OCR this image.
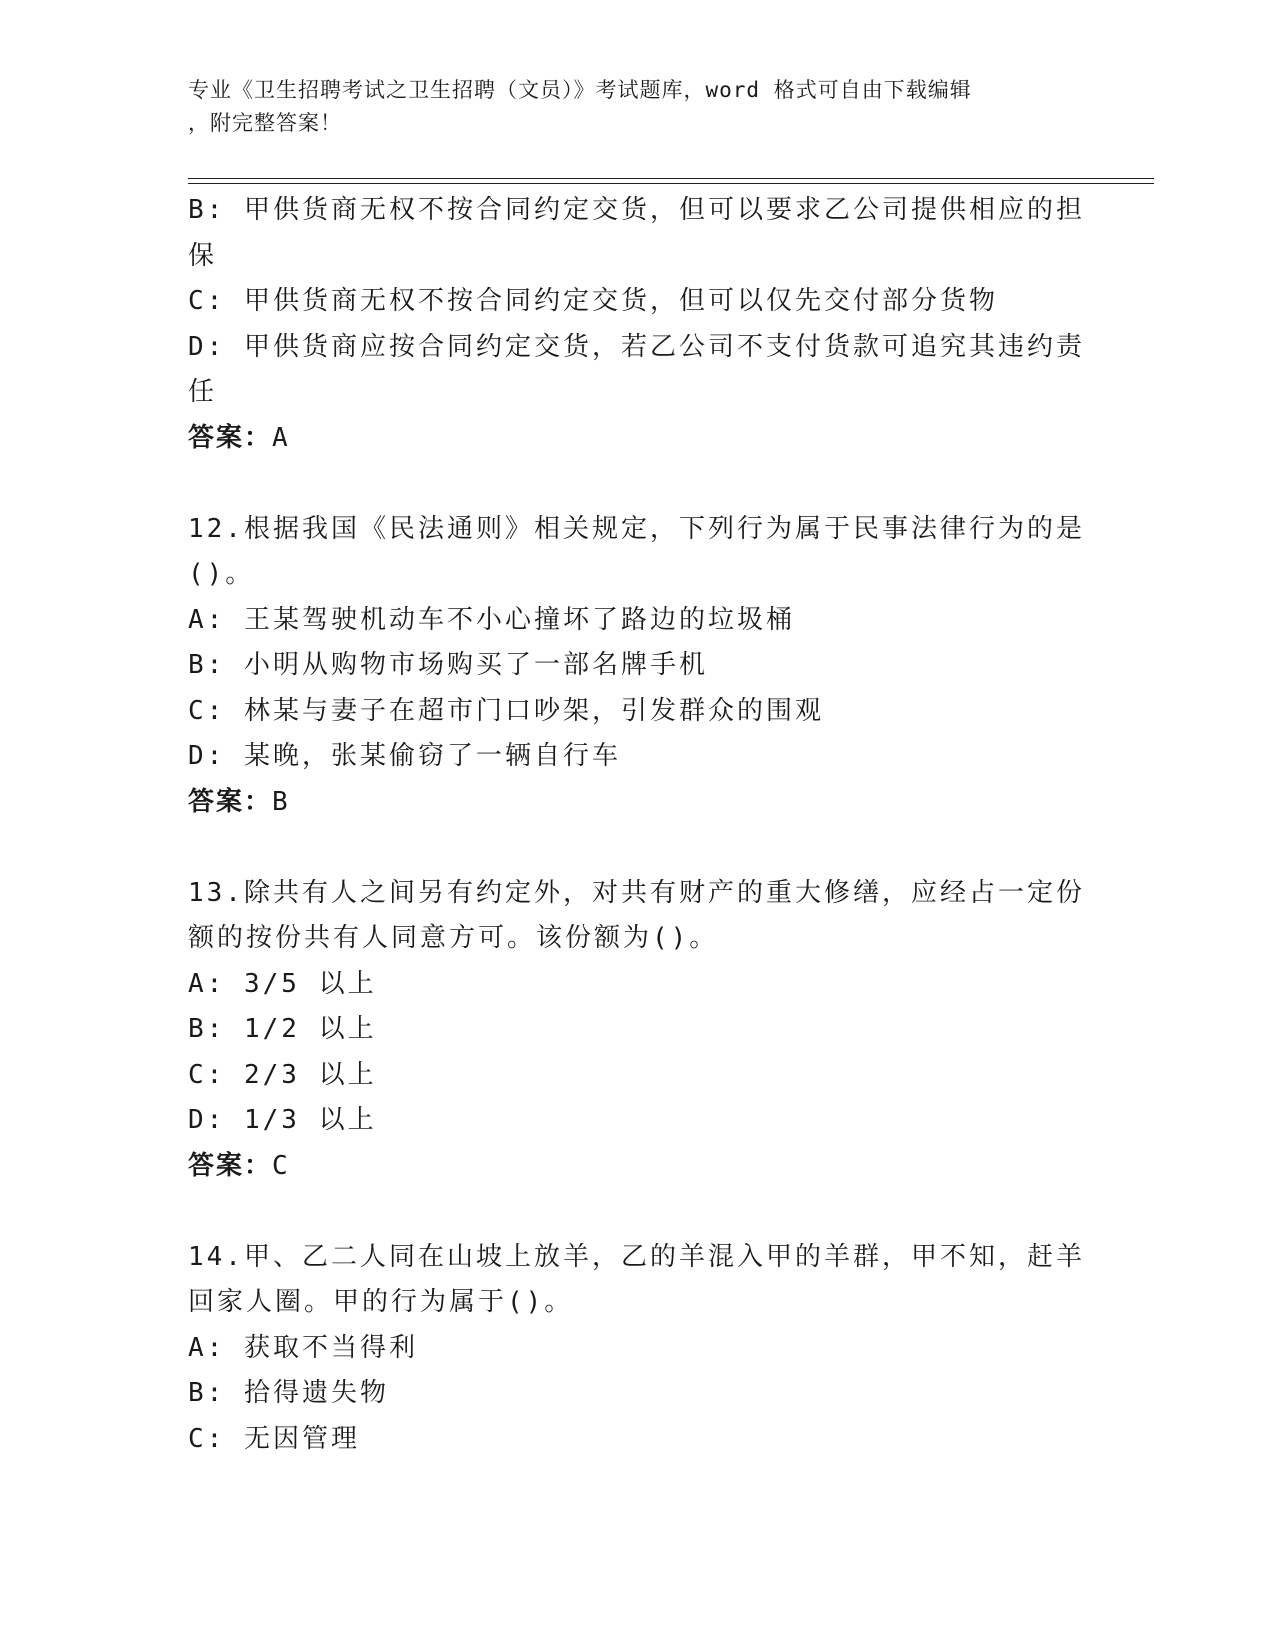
专业《卫生招聘考试之卫生招聘（文员）》考试题库，word 格式可自由下载编辑
，附完整答案！
B: 甲供货商无权不按合同约定交货，但可以要求乙公司提供相应的担
保
C: 甲供货商无权不按合同约定交货，但可以仅先交付部分货物
D: 甲供货商应按合同约定交货，若乙公司不支付货款可追究其违约责
任
答案：A
12.根据我国《民法通则》相关规定，下列行为属于民事法律行为的是
()。
A: 王某驾驶机动车不小心撞坏了路边的垃圾桶
B: 小明从购物市场购买了一部名牌手机
C: 林某与妻子在超市门口吵架，引发群众的围观
D: 某晚，张某偷窃了一辆自行车
答案：B
13.除共有人之间另有约定外，对共有财产的重大修缮，应经占一定份
额的按份共有人同意方可。该份额为()。
A: 3/5 以上
B: 1/2 以上
C: 2/3 以上
D: 1/3 以上
答案：C
14.甲、乙二人同在山坡上放羊，乙的羊混入甲的羊群，甲不知，赶羊
回家人圈。甲的行为属于()。
A: 获取不当得利
B: 拾得遗失物
C: 无因管理
